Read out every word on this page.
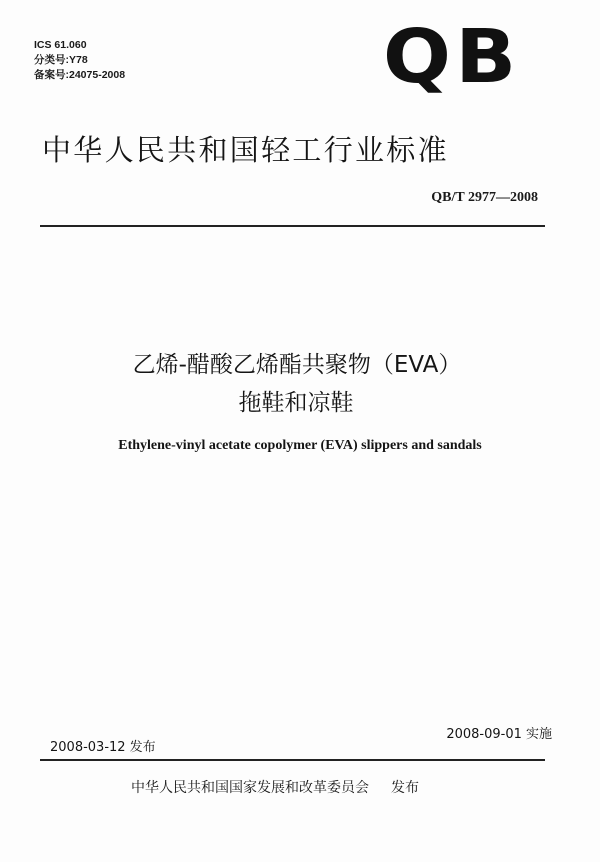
ICS 61.060
分类号:Y78
备案号:24075-2008	QB
中华人民共和国轻工行业标准
QB/T 2977—2008
乙烯-醋酸乙烯酯共聚物（EVA）
拖鞋和凉鞋
Ethylene-vinyl acetate copolymer (EVA) slippers and sandals
2008-09-01 实施
2008-03-12 发布
中华人民共和国国家发展和改革委员会 发布
